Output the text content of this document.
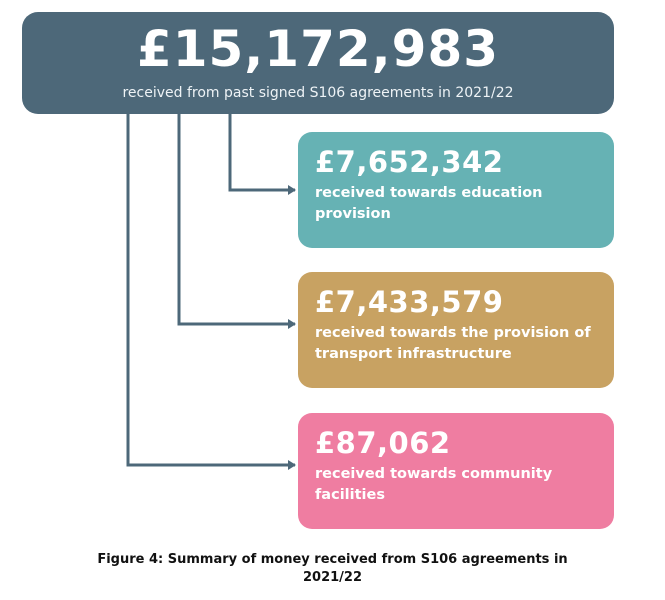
£15,172,983
received from past signed S106 agreements in 2021/22
£7,652,342
received towards education provision
£7,433,579
received towards the provision of transport infrastructure
£87,062
received towards community facilities
Figure 4: Summary of money received from S106 agreements in
2021/22
